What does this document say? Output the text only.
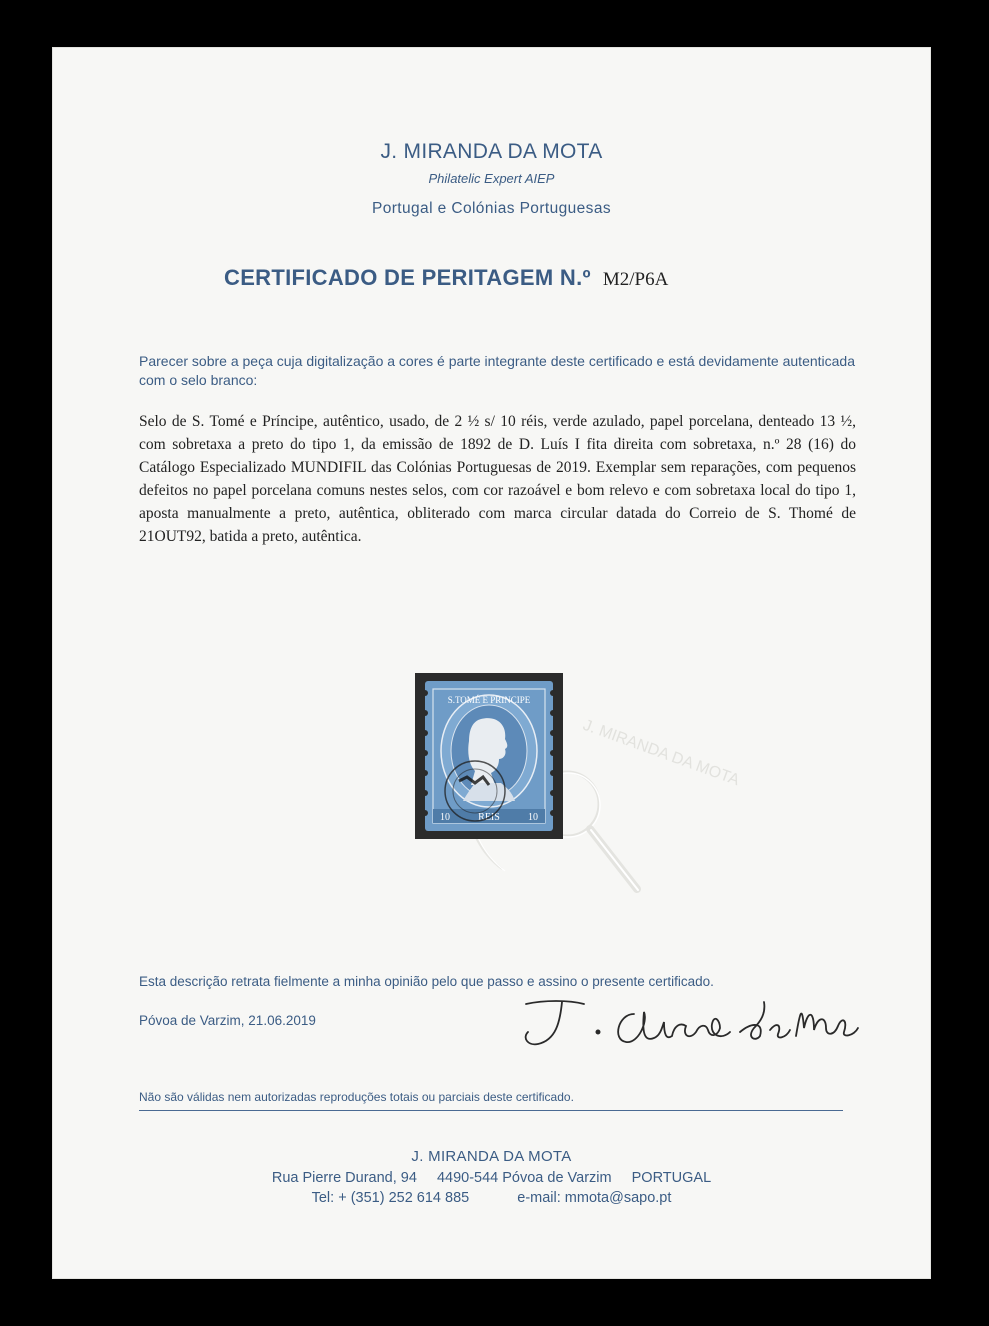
J. MIRANDA DA MOTA
Philatelic Expert AIEP
Portugal e Colónias Portuguesas
CERTIFICADO DE PERITAGEM N.º M2/P6A
Parecer sobre a peça cuja digitalização a cores é parte integrante deste certificado e está devidamente autenticada com o selo branco:
Selo de S. Tomé e Príncipe, autêntico, usado, de 2 ½ s/ 10 réis, verde azulado, papel porcelana, denteado 13 ½, com sobretaxa a preto do tipo 1, da emissão de 1892 de D. Luís I fita direita com sobretaxa, n.º 28 (16) do Catálogo Especializado MUNDIFIL das Colónias Portuguesas de 2019. Exemplar sem reparações, com pequenos defeitos no papel porcelana comuns nestes selos, com cor razoável e bom relevo e com sobretaxa local do tipo 1, aposta manualmente a preto, autêntica, obliterado com marca circular datada do Correio de S. Thomé de 21OUT92, batida a preto, autêntica.
J. MIRANDA DA MOTA
S.TOMÉ E PRINCIPE
10	REIS	10
Esta descrição retrata fielmente a minha opinião pelo que passo e assino o presente certificado.
Póvoa de Varzim, 21.06.2019
Não são válidas nem autorizadas reproduções totais ou parciais deste certificado.
J. MIRANDA DA MOTA
Rua Pierre Durand, 94 4490-544 Póvoa de Varzim PORTUGAL
Tel: + (351) 252 614 885	e-mail: mmota@sapo.pt
